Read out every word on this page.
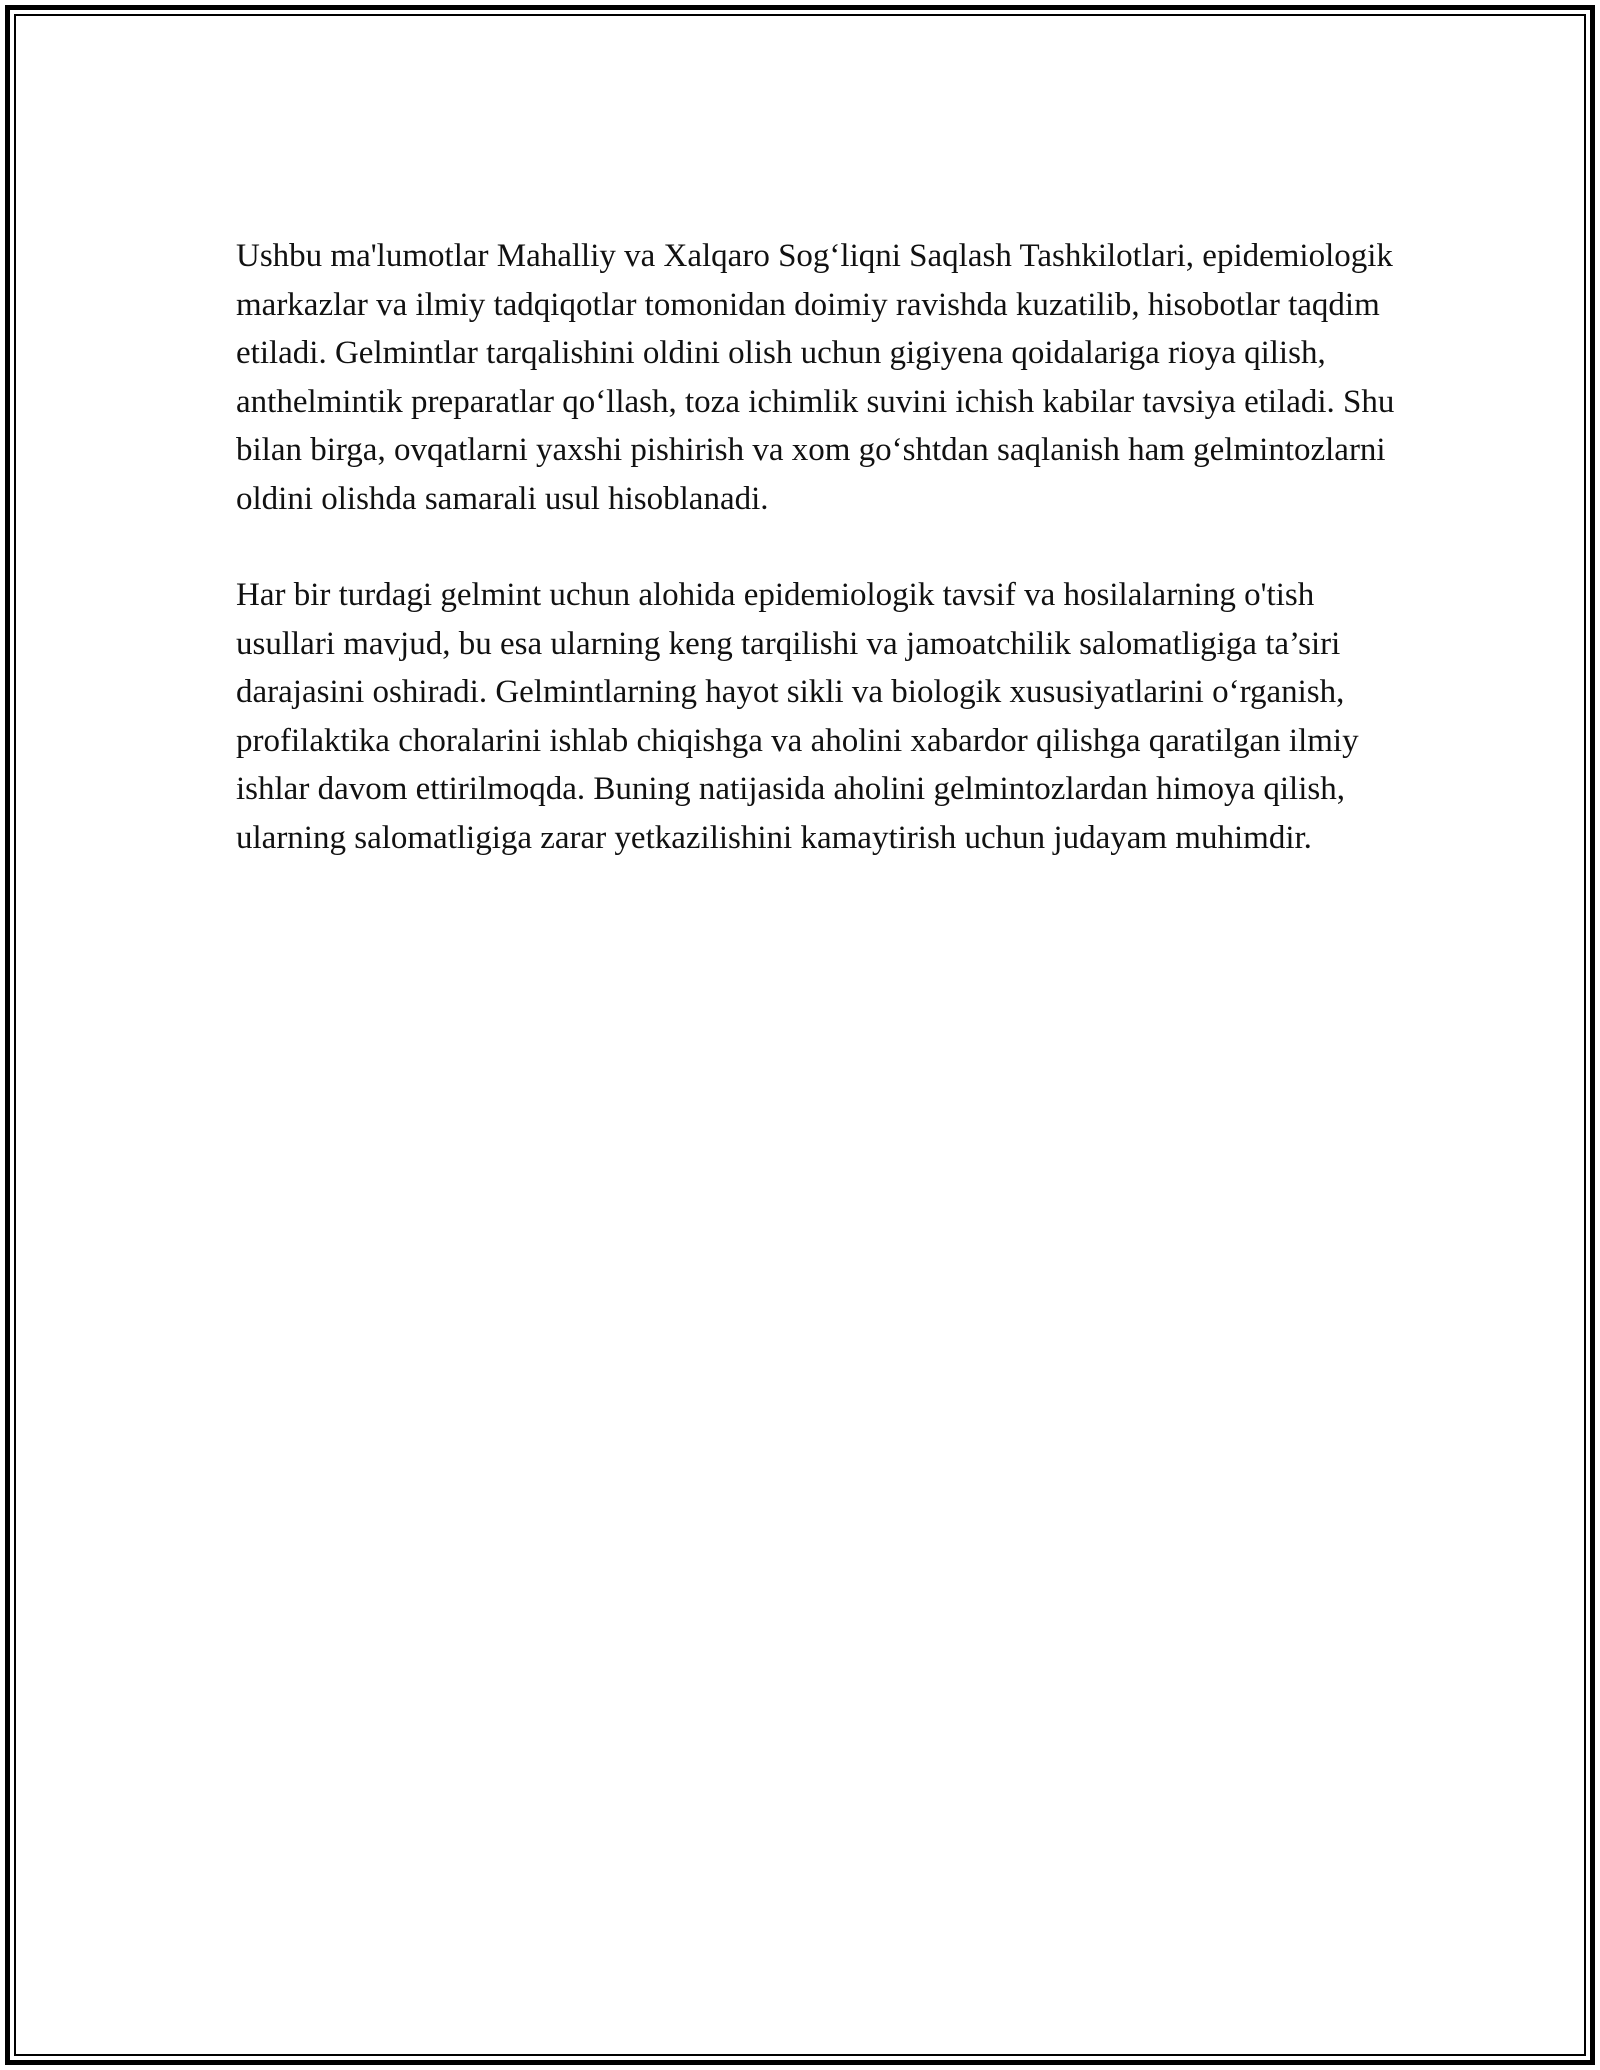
Ushbu ma'lumotlar Mahalliy va Xalqaro Sog‘liqni Saqlash Tashkilotlari, epidemiologik markazlar va ilmiy tadqiqotlar tomonidan doimiy ravishda kuzatilib, hisobotlar taqdim etiladi. Gelmintlar tarqalishini oldini olish uchun gigiyena qoidalariga rioya qilish, anthelmintik preparatlar qo‘llash, toza ichimlik suvini ichish kabilar tavsiya etiladi. Shu bilan birga, ovqatlarni yaxshi pishirish va xom go‘shtdan saqlanish ham gelmintozlarni oldini olishda samarali usul hisoblanadi.

Har bir turdagi gelmint uchun alohida epidemiologik tavsif va hosilalarning o'tish usullari mavjud, bu esa ularning keng tarqilishi va jamoatchilik salomatligiga ta’siri darajasini oshiradi. Gelmintlarning hayot sikli va biologik xususiyatlarini o‘rganish, profilaktika choralarini ishlab chiqishga va aholini xabardor qilishga qaratilgan ilmiy ishlar davom ettirilmoqda. Buning natijasida aholini gelmintozlardan himoya qilish, ularning salomatligiga zarar yetkazilishini kamaytirish uchun judayam muhimdir.
